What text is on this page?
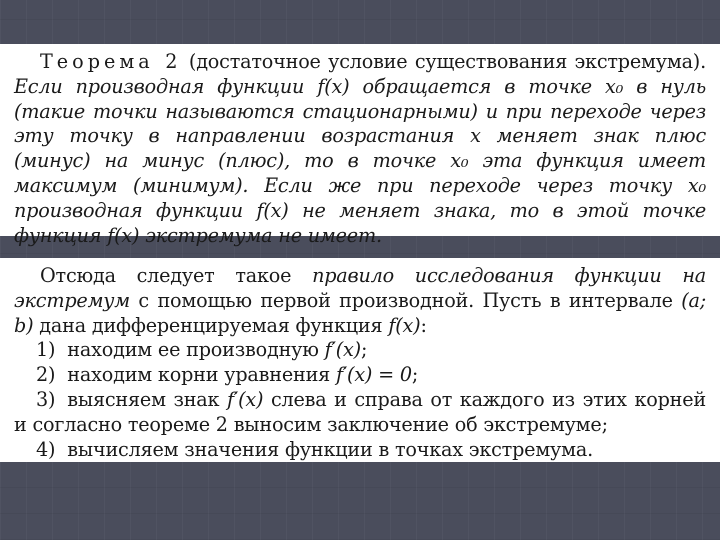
Теорема 2 (достаточное условие существования экстремума). Если производная функции f(x) обращается в точке x₀ в нуль (такие точки называются стационарными) и при переходе через эту точку в направлении возрастания x меняет знак плюс (минус) на минус (плюс), то в точке x₀ эта функция имеет максимум (минимум). Если же при переходе через точку x₀ производная функции f(x) не меняет знака, то в этой точке функция f(x) экстремума не имеет.

Отсюда следует такое правило исследования функции на экстремум с помощью первой производной. Пусть в интервале (a; b) дана дифференцируемая функция f(x):

1) находим ее производную f′(x);
2) находим корни уравнения f′(x) = 0;
3) выясняем знак f′(x) слева и справа от каждого из этих корней и согласно теореме 2 выносим заключение об экстремуме;
4) вычисляем значения функции в точках экстремума.
